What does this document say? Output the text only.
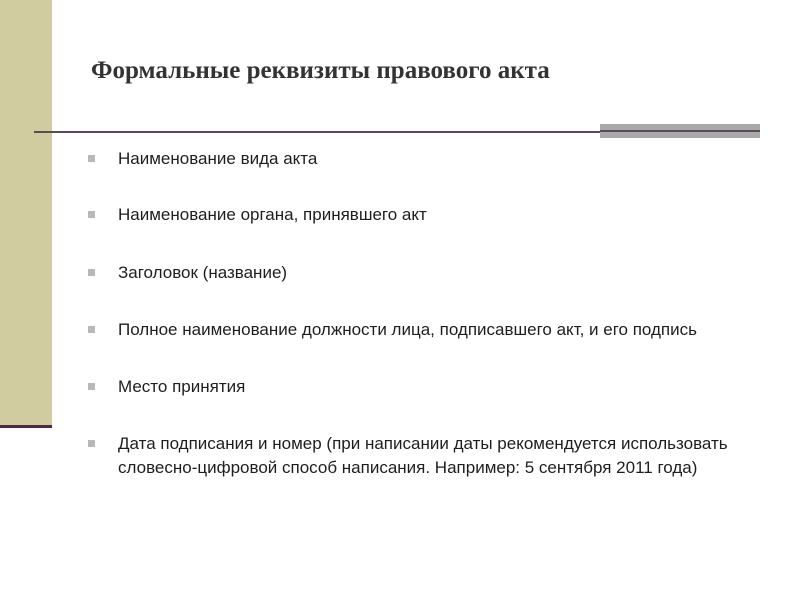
Формальные реквизиты правового акта
Наименование вида акта
Наименование органа, принявшего акт
Заголовок (название)
Полное наименование должности лица, подписавшего акт, и его подпись
Место принятия
Дата подписания и номер (при написании даты рекомендуется использовать словесно-цифровой способ написания. Например: 5 сентября 2011 года)
